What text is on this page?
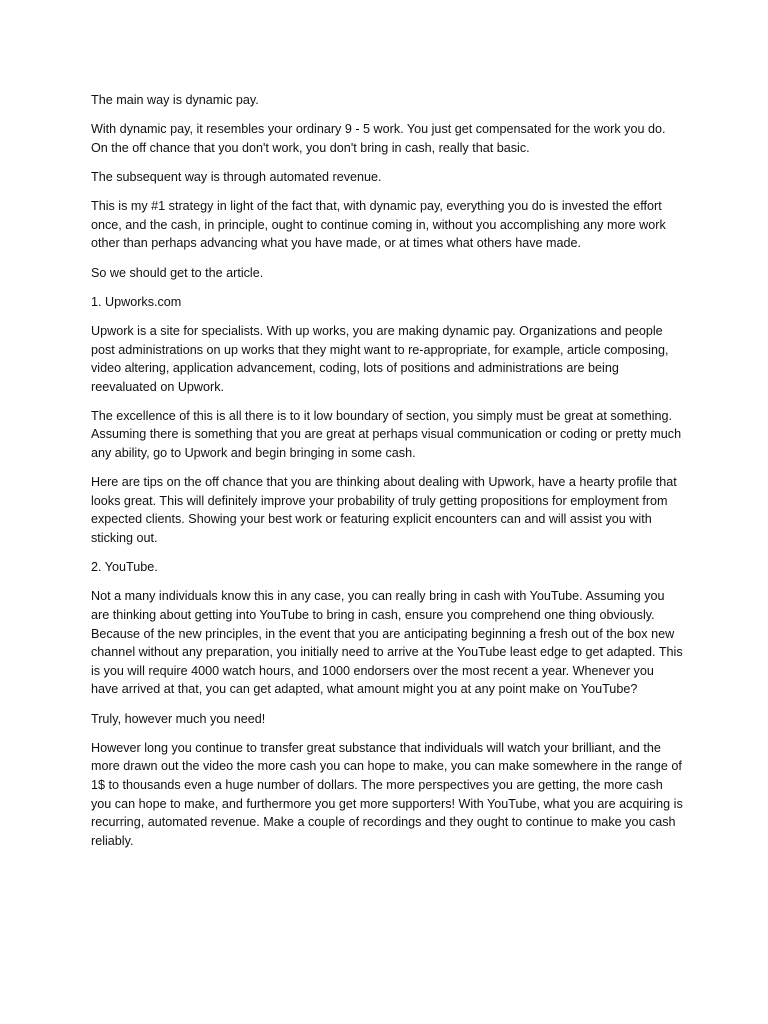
The main way is dynamic pay.

With dynamic pay, it resembles your ordinary 9 - 5 work. You just get compensated for the work you do. On the off chance that you don't work, you don't bring in cash, really that basic.

The subsequent way is through automated revenue.

This is my #1 strategy in light of the fact that, with dynamic pay, everything you do is invested the effort once, and the cash, in principle, ought to continue coming in, without you accomplishing any more work other than perhaps advancing what you have made, or at times what others have made.

So we should get to the article.

1. Upworks.com

Upwork is a site for specialists. With up works, you are making dynamic pay. Organizations and people post administrations on up works that they might want to re-appropriate, for example, article composing, video altering, application advancement, coding, lots of positions and administrations are being reevaluated on Upwork.

The excellence of this is all there is to it low boundary of section, you simply must be great at something. Assuming there is something that you are great at perhaps visual communication or coding or pretty much any ability, go to Upwork and begin bringing in some cash.

Here are tips on the off chance that you are thinking about dealing with Upwork, have a hearty profile that looks great. This will definitely improve your probability of truly getting propositions for employment from expected clients. Showing your best work or featuring explicit encounters can and will assist you with sticking out.

2. YouTube.

Not a many individuals know this in any case, you can really bring in cash with YouTube. Assuming you are thinking about getting into YouTube to bring in cash, ensure you comprehend one thing obviously. Because of the new principles, in the event that you are anticipating beginning a fresh out of the box new channel without any preparation, you initially need to arrive at the YouTube least edge to get adapted. This is you will require 4000 watch hours, and 1000 endorsers over the most recent a year. Whenever you have arrived at that, you can get adapted, what amount might you at any point make on YouTube?

Truly, however much you need!

However long you continue to transfer great substance that individuals will watch your brilliant, and the more drawn out the video the more cash you can hope to make, you can make somewhere in the range of 1$ to thousands even a huge number of dollars. The more perspectives you are getting, the more cash you can hope to make, and furthermore you get more supporters! With YouTube, what you are acquiring is recurring, automated revenue. Make a couple of recordings and they ought to continue to make you cash reliably.
